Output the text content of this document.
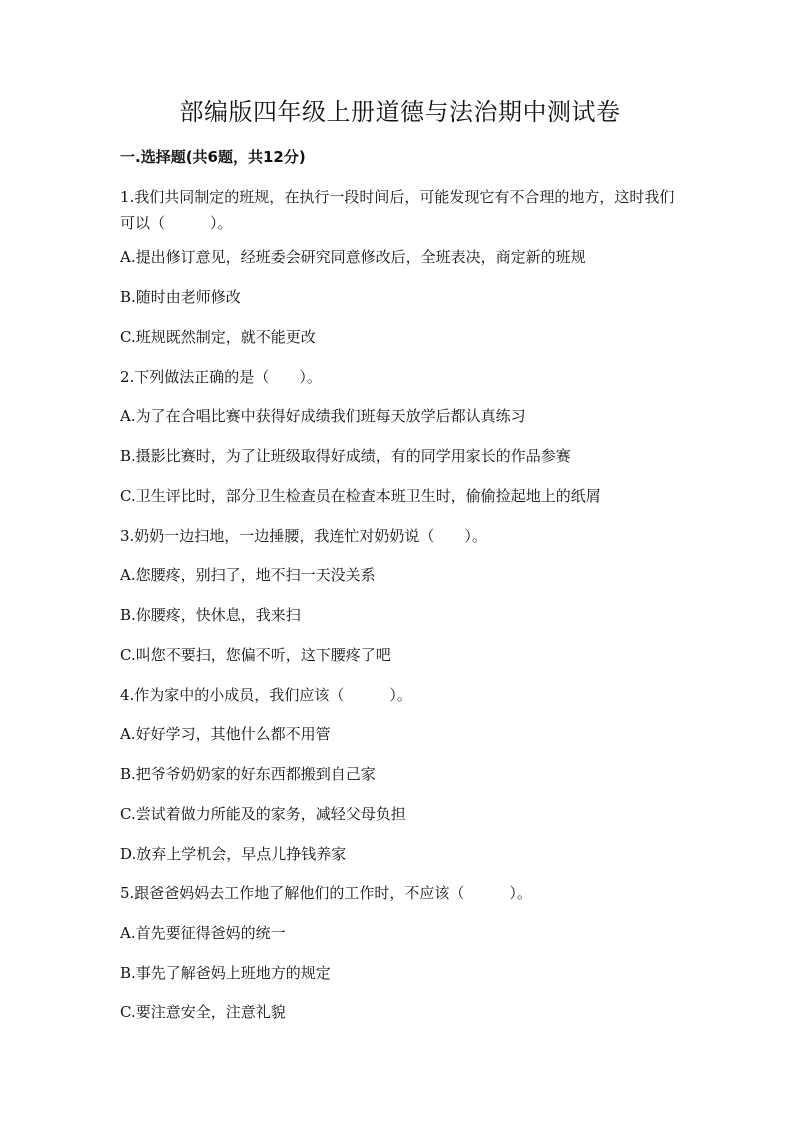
部编版四年级上册道德与法治期中测试卷
一.选择题(共6题，共12分)
1.我们共同制定的班规，在执行一段时间后，可能发现它有不合理的地方，这时我们可以（　　　）。
A.提出修订意见，经班委会研究同意修改后，全班表决，商定新的班规
B.随时由老师修改
C.班规既然制定，就不能更改
2.下列做法正确的是（　　）。
A.为了在合唱比赛中获得好成绩我们班每天放学后都认真练习
B.摄影比赛时，为了让班级取得好成绩，有的同学用家长的作品参赛
C.卫生评比时，部分卫生检查员在检查本班卫生时，偷偷捡起地上的纸屑
3.奶奶一边扫地，一边捶腰，我连忙对奶奶说（　　）。
A.您腰疼，别扫了，地不扫一天没关系
B.你腰疼，快休息，我来扫
C.叫您不要扫，您偏不听，这下腰疼了吧
4.作为家中的小成员，我们应该（　　　）。
A.好好学习，其他什么都不用管
B.把爷爷奶奶家的好东西都搬到自己家
C.尝试着做力所能及的家务，减轻父母负担
D.放弃上学机会，早点儿挣钱养家
5.跟爸爸妈妈去工作地了解他们的工作时，不应该（　　　）。
A.首先要征得爸妈的统一
B.事先了解爸妈上班地方的规定
C.要注意安全，注意礼貌
